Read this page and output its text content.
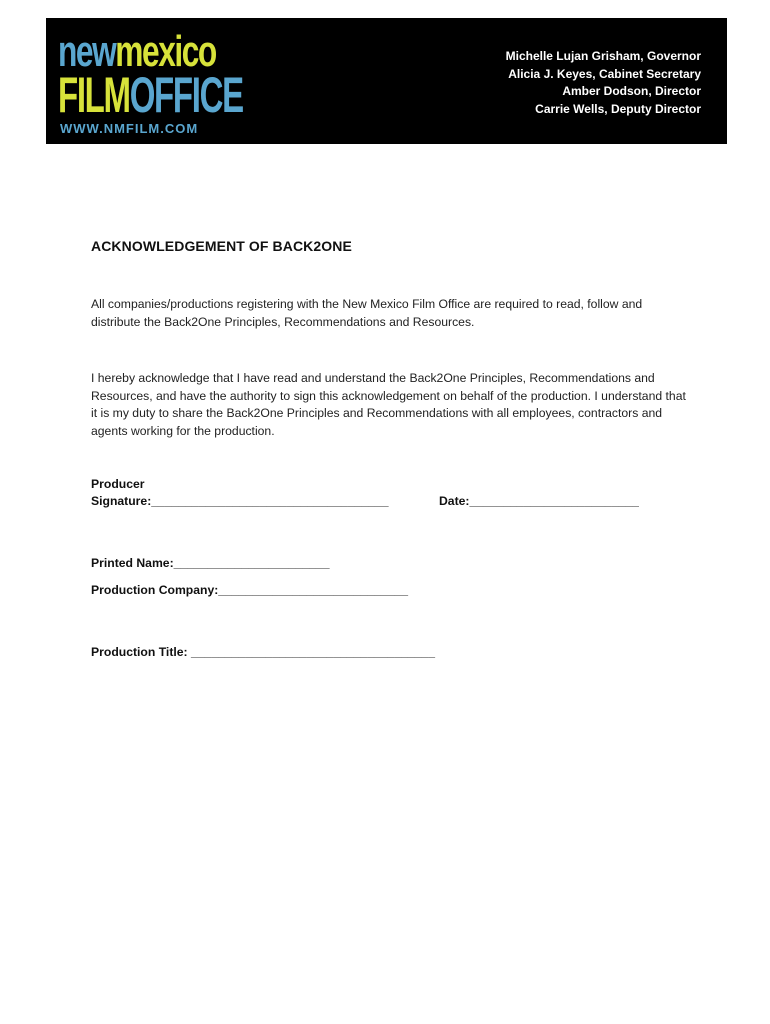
newmexico
FILMOFFICE
WWW.NMFILM.COM
Michelle Lujan Grisham, Governor
Alicia J. Keyes, Cabinet Secretary
Amber Dodson, Director
Carrie Wells, Deputy Director
ACKNOWLEDGEMENT OF BACK2ONE
All companies/productions registering with the New Mexico Film Office are required to read, follow and distribute the Back2One Principles, Recommendations and Resources.
I hereby acknowledge that I have read and understand the Back2One Principles, Recommendations and Resources, and have the authority to sign this acknowledgement on behalf of the production. I understand that it is my duty to share the Back2One Principles and Recommendations with all employees, contractors and agents working for the production.
Producer
Signature:___________________________________	Date:_________________________
Printed Name:_______________________
Production Company:____________________________
Production Title: ____________________________________
